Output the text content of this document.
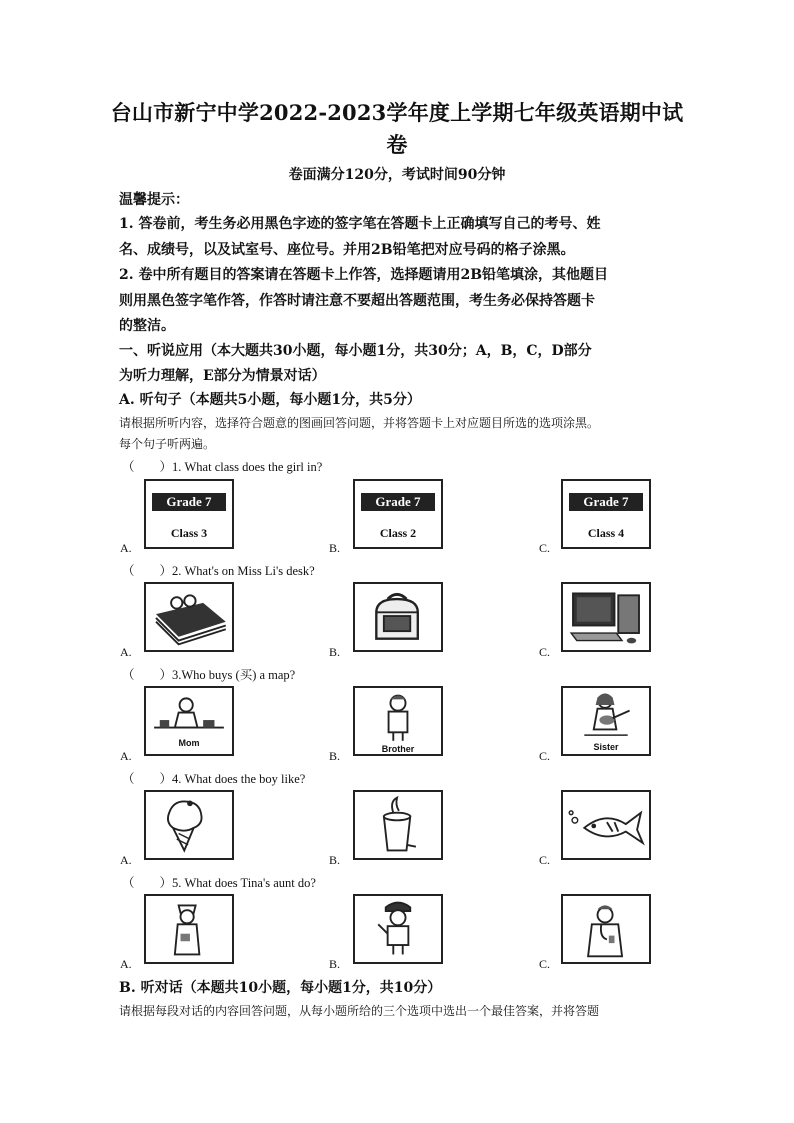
台山市新宁中学2022-2023学年度上学期七年级英语期中试
卷
卷面满分120分，考试时间90分钟
温馨提示：
1. 答卷前，考生务必用黑色字迹的签字笔在答题卡上正确填写自己的考号、姓
名、成绩号，以及试室号、座位号。并用2B铅笔把对应号码的格子涂黑。
2. 卷中所有题目的答案请在答题卡上作答，选择题请用2B铅笔填涂，其他题目
则用黑色签字笔作答，作答时请注意不要超出答题范围，考生务必保持答题卡
的整洁。
一、听说应用（本大题共30小题，每小题1分，共30分；A，B，C，D部分
为听力理解，E部分为情景对话）
A. 听句子（本题共5小题，每小题1分，共5分）
请根据所听内容，选择符合题意的图画回答问题，并将答题卡上对应题目所选的选项涂黑。
每个句子听两遍。
（　　）1. What class does the girl in?
Grade 7
Class 3
Grade 7
Class 2
Grade 7
Class 4
A.	B.	C.
（　　）2. What's on Miss Li's desk?
A.	B.	C.
（　　）3.Who buys (买) a map?
Mom
Brother	Sister
A.	B.	C.
（　　）4. What does the boy like?
A.	B.	C.
（　　）5. What does Tina's aunt do?
A.	B.	C.
B. 听对话（本题共10小题，每小题1分，共10分）
请根据每段对话的内容回答问题，从每小题所给的三个选项中选出一个最佳答案，并将答题
